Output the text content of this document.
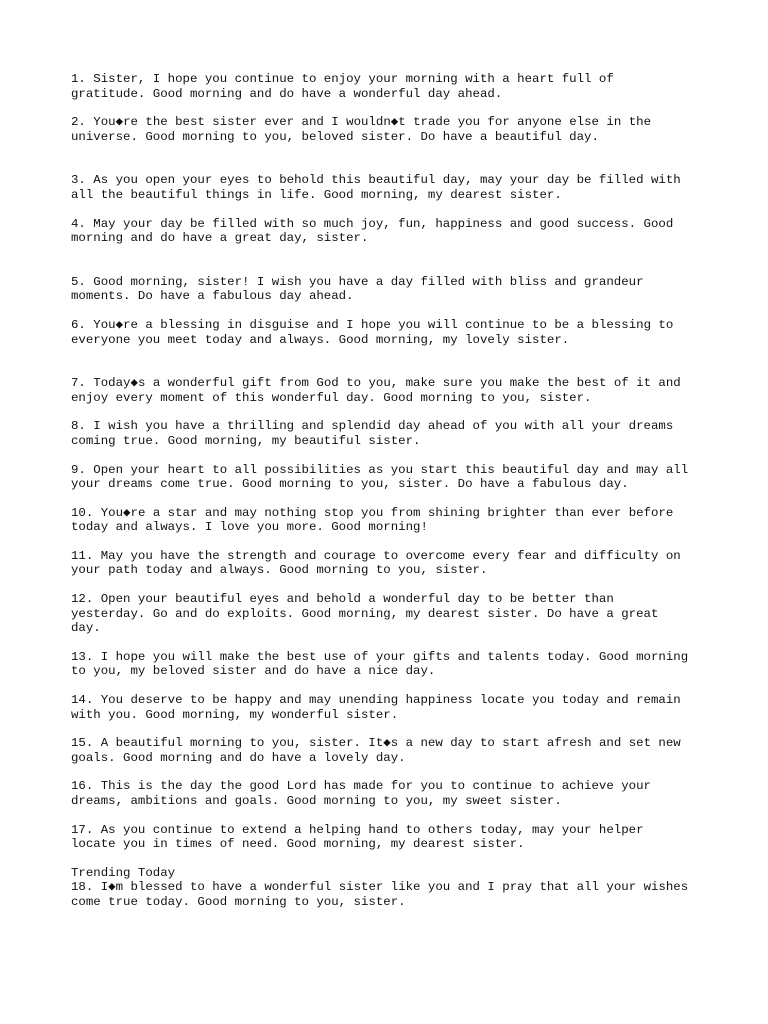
1. Sister, I hope you continue to enjoy your morning with a heart full of
gratitude. Good morning and do have a wonderful day ahead.

2. You◆re the best sister ever and I wouldn◆t trade you for anyone else in the
universe. Good morning to you, beloved sister. Do have a beautiful day.

3. As you open your eyes to behold this beautiful day, may your day be filled with
all the beautiful things in life. Good morning, my dearest sister.

4. May your day be filled with so much joy, fun, happiness and good success. Good
morning and do have a great day, sister.

5. Good morning, sister! I wish you have a day filled with bliss and grandeur
moments. Do have a fabulous day ahead.

6. You◆re a blessing in disguise and I hope you will continue to be a blessing to
everyone you meet today and always. Good morning, my lovely sister.

7. Today◆s a wonderful gift from God to you, make sure you make the best of it and
enjoy every moment of this wonderful day. Good morning to you, sister.

8. I wish you have a thrilling and splendid day ahead of you with all your dreams
coming true. Good morning, my beautiful sister.

9. Open your heart to all possibilities as you start this beautiful day and may all
your dreams come true. Good morning to you, sister. Do have a fabulous day.

10. You◆re a star and may nothing stop you from shining brighter than ever before
today and always. I love you more. Good morning!

11. May you have the strength and courage to overcome every fear and difficulty on
your path today and always. Good morning to you, sister.

12. Open your beautiful eyes and behold a wonderful day to be better than
yesterday. Go and do exploits. Good morning, my dearest sister. Do have a great
day.

13. I hope you will make the best use of your gifts and talents today. Good morning
to you, my beloved sister and do have a nice day.

14. You deserve to be happy and may unending happiness locate you today and remain
with you. Good morning, my wonderful sister.

15. A beautiful morning to you, sister. It◆s a new day to start afresh and set new
goals. Good morning and do have a lovely day.

16. This is the day the good Lord has made for you to continue to achieve your
dreams, ambitions and goals. Good morning to you, my sweet sister.

17. As you continue to extend a helping hand to others today, may your helper
locate you in times of need. Good morning, my dearest sister.

Trending Today

18. I◆m blessed to have a wonderful sister like you and I pray that all your wishes
come true today. Good morning to you, sister.
